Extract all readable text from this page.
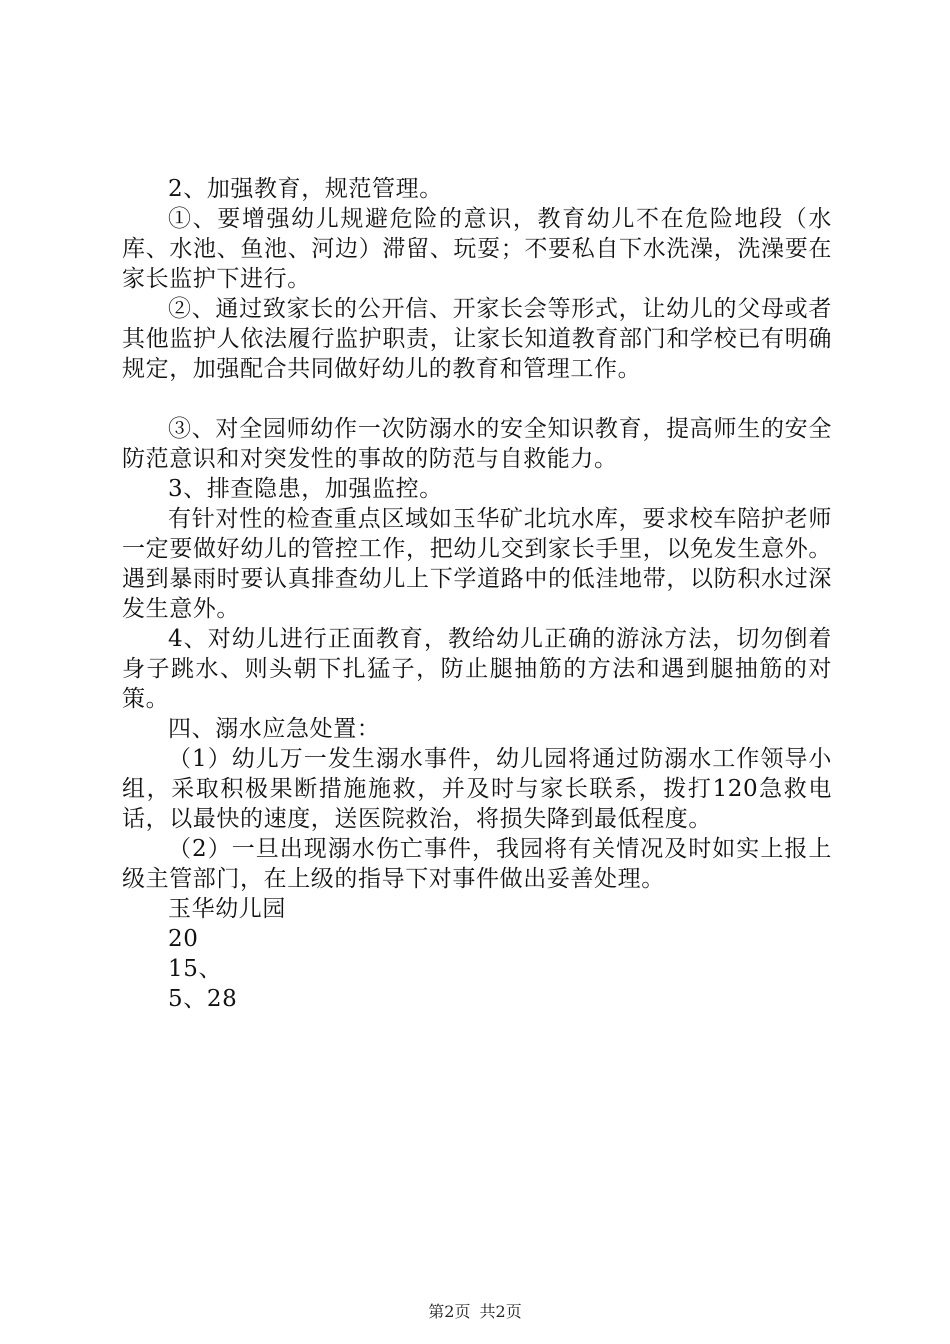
2、加强教育，规范管理。

①、要增强幼儿规避危险的意识，教育幼儿不在危险地段（水库、水池、鱼池、河边）滞留、玩耍；不要私自下水洗澡，洗澡要在家长监护下进行。

②、通过致家长的公开信、开家长会等形式，让幼儿的父母或者其他监护人依法履行监护职责，让家长知道教育部门和学校已有明确规定，加强配合共同做好幼儿的教育和管理工作。

③、对全园师幼作一次防溺水的安全知识教育，提高师生的安全防范意识和对突发性的事故的防范与自救能力。

3、排查隐患，加强监控。

有针对性的检查重点区域如玉华矿北坑水库，要求校车陪护老师一定要做好幼儿的管控工作，把幼儿交到家长手里，以免发生意外。遇到暴雨时要认真排查幼儿上下学道路中的低洼地带，以防积水过深发生意外。

4、对幼儿进行正面教育，教给幼儿正确的游泳方法，切勿倒着身子跳水、则头朝下扎猛子，防止腿抽筋的方法和遇到腿抽筋的对策。

四、溺水应急处置：

（1）幼儿万一发生溺水事件，幼儿园将通过防溺水工作领导小组，采取积极果断措施施救，并及时与家长联系，拨打120急救电话，以最快的速度，送医院救治，将损失降到最低程度。

（2）一旦出现溺水伤亡事件，我园将有关情况及时如实上报上级主管部门，在上级的指导下对事件做出妥善处理。

玉华幼儿园

20

15、

5、28

第2页 共2页
